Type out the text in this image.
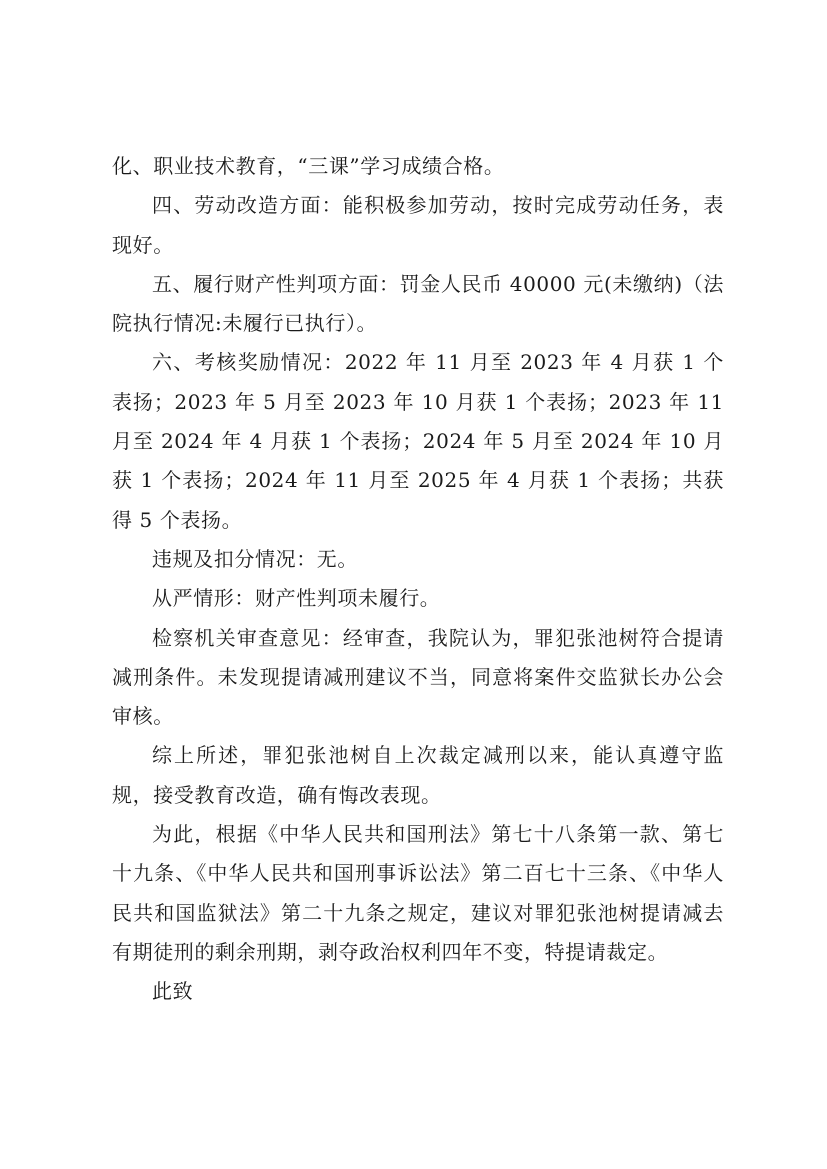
化、职业技术教育，“三课”学习成绩合格。

四、劳动改造方面：能积极参加劳动，按时完成劳动任务，表现好。

五、履行财产性判项方面：罚金人民币 40000 元(未缴纳)（法院执行情况:未履行已执行）。

六、考核奖励情况：2022 年 11 月至 2023 年 4 月获 1 个表扬；2023 年 5 月至 2023 年 10 月获 1 个表扬；2023 年 11 月至 2024 年 4 月获 1 个表扬；2024 年 5 月至 2024 年 10 月获 1 个表扬；2024 年 11 月至 2025 年 4 月获 1 个表扬；共获得 5 个表扬。

违规及扣分情况：无。

从严情形：财产性判项未履行。

检察机关审查意见：经审查，我院认为，罪犯张池树符合提请减刑条件。未发现提请减刑建议不当，同意将案件交监狱长办公会审核。

综上所述，罪犯张池树自上次裁定减刑以来，能认真遵守监规，接受教育改造，确有悔改表现。

为此，根据《中华人民共和国刑法》第七十八条第一款、第七十九条、《中华人民共和国刑事诉讼法》第二百七十三条、《中华人民共和国监狱法》第二十九条之规定，建议对罪犯张池树提请减去有期徒刑的剩余刑期，剥夺政治权利四年不变，特提请裁定。

此致
